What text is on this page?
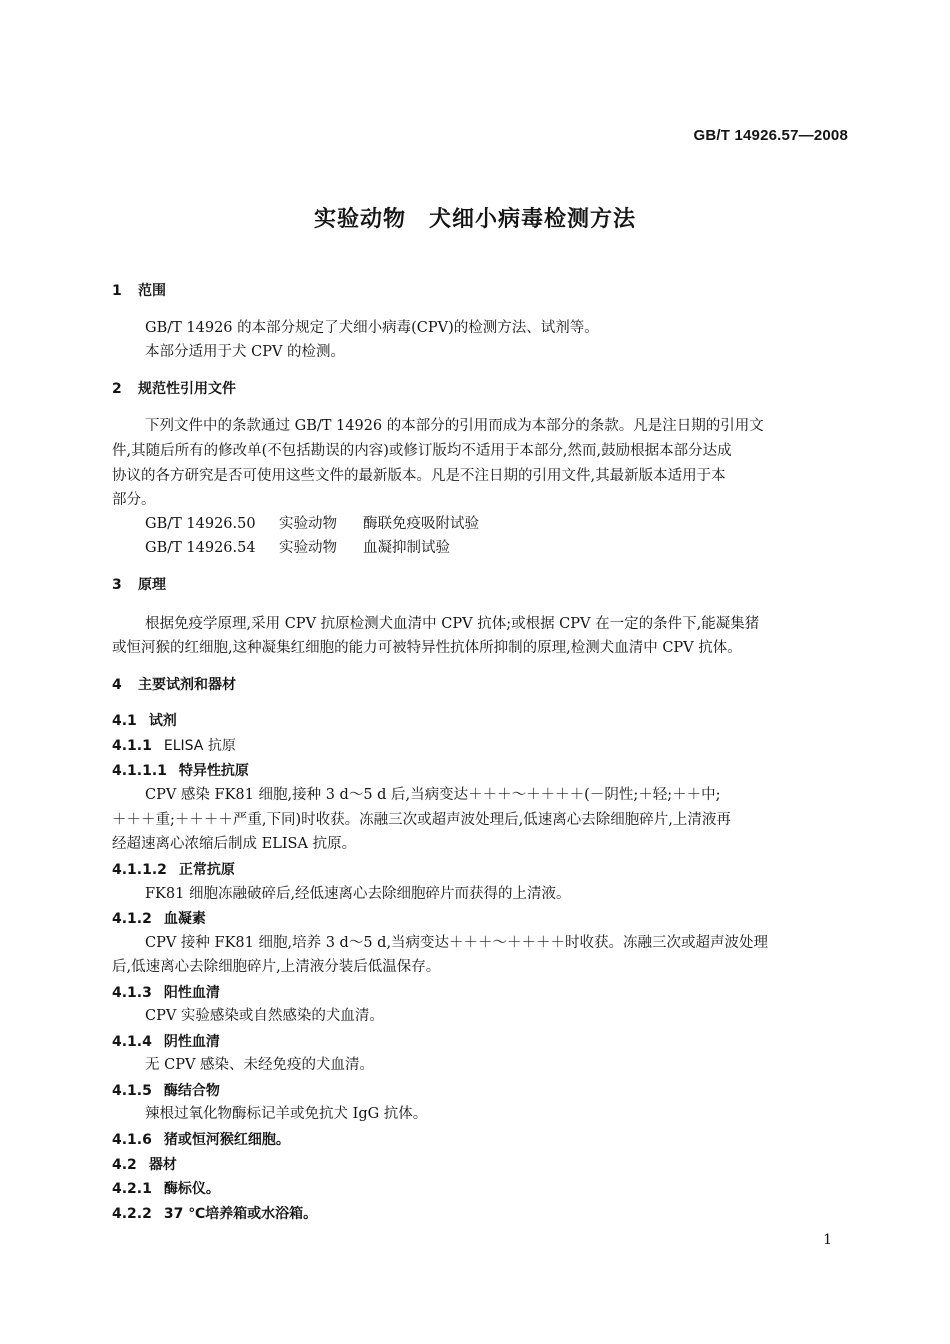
GB/T 14926.57—2008
实验动物　犬细小病毒检测方法
1 范围
GB/T 14926 的本部分规定了犬细小病毒(CPV)的检测方法、试剂等。
本部分适用于犬 CPV 的检测。
2 规范性引用文件
下列文件中的条款通过 GB/T 14926 的本部分的引用而成为本部分的条款。凡是注日期的引用文
件,其随后所有的修改单(不包括勘误的内容)或修订版均不适用于本部分,然而,鼓励根据本部分达成
协议的各方研究是否可使用这些文件的最新版本。凡是不注日期的引用文件,其最新版本适用于本
部分。
GB/T 14926.50 实验动物 酶联免疫吸附试验
GB/T 14926.54 实验动物 血凝抑制试验
3 原理
根据免疫学原理,采用 CPV 抗原检测犬血清中 CPV 抗体;或根据 CPV 在一定的条件下,能凝集猪
或恒河猴的红细胞,这种凝集红细胞的能力可被特异性抗体所抑制的原理,检测犬血清中 CPV 抗体。
4 主要试剂和器材
4.1 试剂
4.1.1 ELISA 抗原
4.1.1.1 特异性抗原
CPV 感染 FK81 细胞,接种 3 d～5 d 后,当病变达＋＋＋～＋＋＋＋(－阴性;＋轻;＋＋中;
＋＋＋重;＋＋＋＋严重,下同)时收获。冻融三次或超声波处理后,低速离心去除细胞碎片,上清液再
经超速离心浓缩后制成 ELISA 抗原。
4.1.1.2 正常抗原
FK81 细胞冻融破碎后,经低速离心去除细胞碎片而获得的上清液。
4.1.2 血凝素
CPV 接种 FK81 细胞,培养 3 d～5 d,当病变达＋＋＋～＋＋＋＋时收获。冻融三次或超声波处理
后,低速离心去除细胞碎片,上清液分装后低温保存。
4.1.3 阳性血清
CPV 实验感染或自然感染的犬血清。
4.1.4 阴性血清
无 CPV 感染、未经免疫的犬血清。
4.1.5 酶结合物
辣根过氧化物酶标记羊或免抗犬 IgG 抗体。
4.1.6 猪或恒河猴红细胞。
4.2 器材
4.2.1 酶标仪。
4.2.2 37 ℃培养箱或水浴箱。
1
